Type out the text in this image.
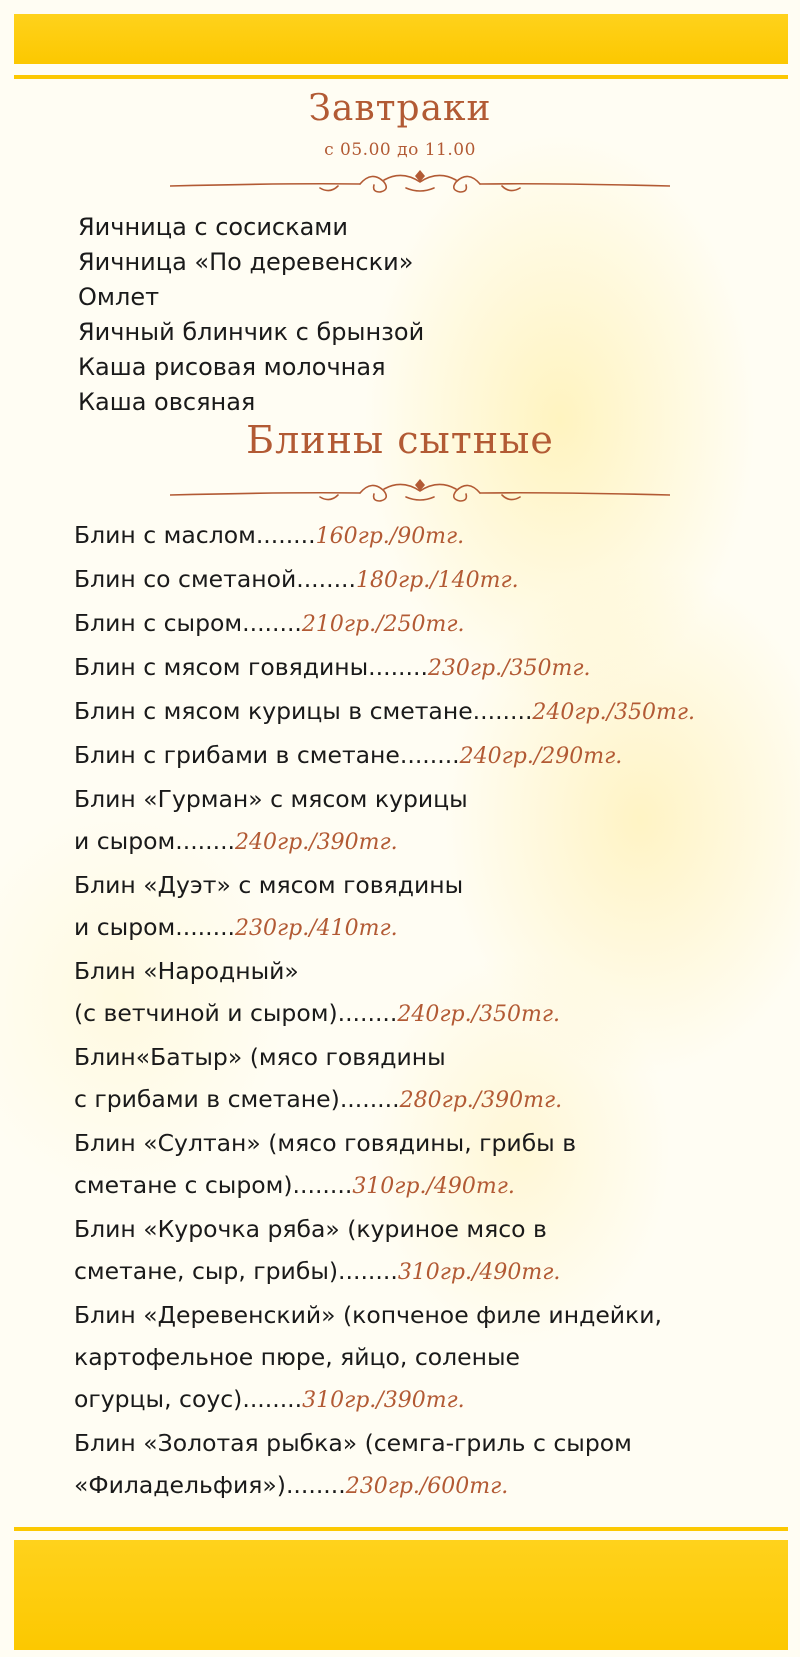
Завтраки
с 05.00 до 11.00
Яичница с сосисками
Яичница «По деревенски»
Омлет
Яичный блинчик с брынзой
Каша рисовая молочная
Каша овсяная
Блины сытные
Блин с маслом........160гр./90тг.
Блин со сметаной........180гр./140тг.
Блин с сыром........210гр./250тг.
Блин с мясом говядины........230гр./350тг.
Блин с мясом курицы в сметане........240гр./350тг.
Блин с грибами в сметане........240гр./290тг.
Блин «Гурман» с мясом курицы
и сыром........240гр./390тг.
Блин «Дуэт» с мясом говядины
и сыром........230гр./410тг.
Блин «Народный»
(с ветчиной и сыром)........240гр./350тг.
Блин«Батыр» (мясо говядины
с грибами в сметане)........280гр./390тг.
Блин «Султан» (мясо говядины, грибы в
сметане с сыром)........310гр./490тг.
Блин «Курочка ряба» (куриное мясо в
сметане, сыр, грибы)........310гр./490тг.
Блин «Деревенский» (копченое филе индейки,
картофельное пюре, яйцо, соленые
огурцы, соус)........310гр./390тг.
Блин «Золотая рыбка» (семга-гриль с сыром
«Филадельфия»)........230гр./600тг.
